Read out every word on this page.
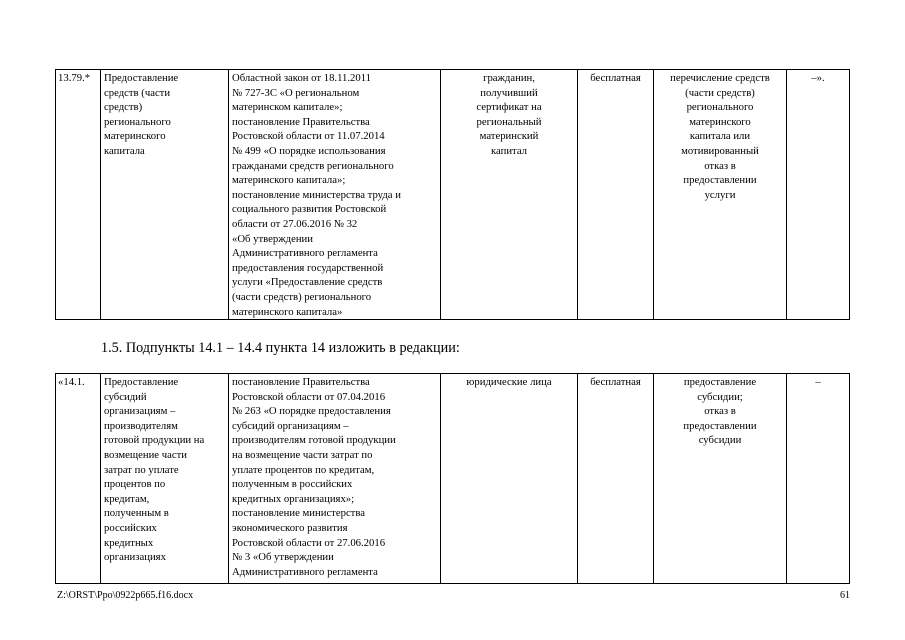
13.79.*	Предоставление
средств (части
средств)
регионального
материнского
капитала	Областной закон от 18.11.2011
№ 727-ЗС «О региональном
материнском капитале»;
постановление Правительства
Ростовской области от 11.07.2014
№ 499 «О порядке использования
гражданами средств регионального
материнского капитала»;
постановление министерства труда и
социального развития Ростовской
области от 27.06.2016 № 32
«Об утверждении
Административного регламента
предоставления государственной
услуги «Предоставление средств
(части средств) регионального
материнского капитала»	гражданин,
получивший
сертификат на
региональный
материнский
капитал	бесплатная	перечисление средств
(части средств)
регионального
материнского
капитала или
мотивированный
отказ в
предоставлении
услуги	–».
1.5. Подпункты 14.1 – 14.4 пункта 14 изложить в редакции:
«14.1.	Предоставление
субсидий
организациям –
производителям
готовой продукции на
возмещение части
затрат по уплате
процентов по
кредитам,
полученным в
российских
кредитных
организациях	постановление Правительства
Ростовской области от 07.04.2016
№ 263 «О порядке предоставления
субсидий организациям –
производителям готовой продукции
на возмещение части затрат по
уплате процентов по кредитам,
полученным в российских
кредитных организациях»;
постановление министерства
экономического развития
Ростовской области от 27.06.2016
№ 3 «Об утверждении
Административного регламента	юридические лица	бесплатная	предоставление
субсидии;
отказ в
предоставлении
субсидии	–
Z:\ORST\Ppo\0922p665.f16.docx	61
